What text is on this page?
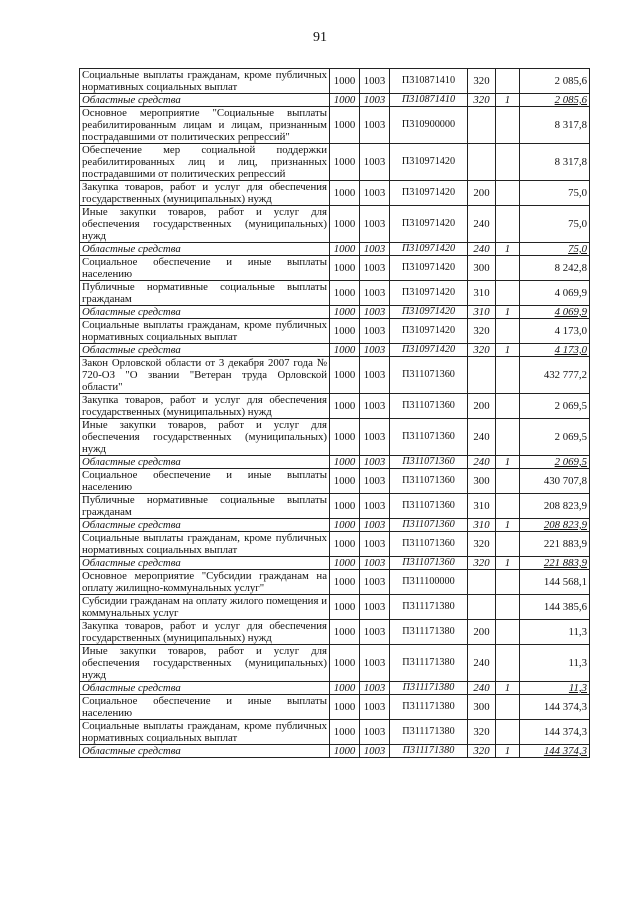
91
Социальные выплаты гражданам, кроме публичных нормативных социальных выплат	1000	1003	П310871410	320		2 085,6
Областные средства	1000	1003	П310871410	320	1	2 085,6
Основное мероприятие "Социальные выплаты реабилитированным лицам и лицам, признанным пострадавшими от политических репрессий"	1000	1003	П310900000			8 317,8
Обеспечение мер социальной поддержки реабилитированных лиц и лиц, признанных пострадавшими от политических репрессий	1000	1003	П310971420			8 317,8
Закупка товаров, работ и услуг для обеспечения государственных (муниципальных) нужд	1000	1003	П310971420	200		75,0
Иные закупки товаров, работ и услуг для обеспечения государственных (муниципальных) нужд	1000	1003	П310971420	240		75,0
Областные средства	1000	1003	П310971420	240	1	75,0
Социальное обеспечение и иные выплаты населению	1000	1003	П310971420	300		8 242,8
Публичные нормативные социальные выплаты гражданам	1000	1003	П310971420	310		4 069,9
Областные средства	1000	1003	П310971420	310	1	4 069,9
Социальные выплаты гражданам, кроме публичных нормативных социальных выплат	1000	1003	П310971420	320		4 173,0
Областные средства	1000	1003	П310971420	320	1	4 173,0
Закон Орловской области от 3 декабря 2007 года № 720-ОЗ "О звании "Ветеран труда Орловской области"	1000	1003	П311071360			432 777,2
Закупка товаров, работ и услуг для обеспечения государственных (муниципальных) нужд	1000	1003	П311071360	200		2 069,5
Иные закупки товаров, работ и услуг для обеспечения государственных (муниципальных) нужд	1000	1003	П311071360	240		2 069,5
Областные средства	1000	1003	П311071360	240	1	2 069,5
Социальное обеспечение и иные выплаты населению	1000	1003	П311071360	300		430 707,8
Публичные нормативные социальные выплаты гражданам	1000	1003	П311071360	310		208 823,9
Областные средства	1000	1003	П311071360	310	1	208 823,9
Социальные выплаты гражданам, кроме публичных нормативных социальных выплат	1000	1003	П311071360	320		221 883,9
Областные средства	1000	1003	П311071360	320	1	221 883,9
Основное мероприятие "Субсидии гражданам на оплату жилищно-коммунальных услуг"	1000	1003	П311100000			144 568,1
Субсидии гражданам на оплату жилого помещения и коммунальных услуг	1000	1003	П311171380			144 385,6
Закупка товаров, работ и услуг для обеспечения государственных (муниципальных) нужд	1000	1003	П311171380	200		11,3
Иные закупки товаров, работ и услуг для обеспечения государственных (муниципальных) нужд	1000	1003	П311171380	240		11,3
Областные средства	1000	1003	П311171380	240	1	11,3
Социальное обеспечение и иные выплаты населению	1000	1003	П311171380	300		144 374,3
Социальные выплаты гражданам, кроме публичных нормативных социальных выплат	1000	1003	П311171380	320		144 374,3
Областные средства	1000	1003	П311171380	320	1	144 374,3
